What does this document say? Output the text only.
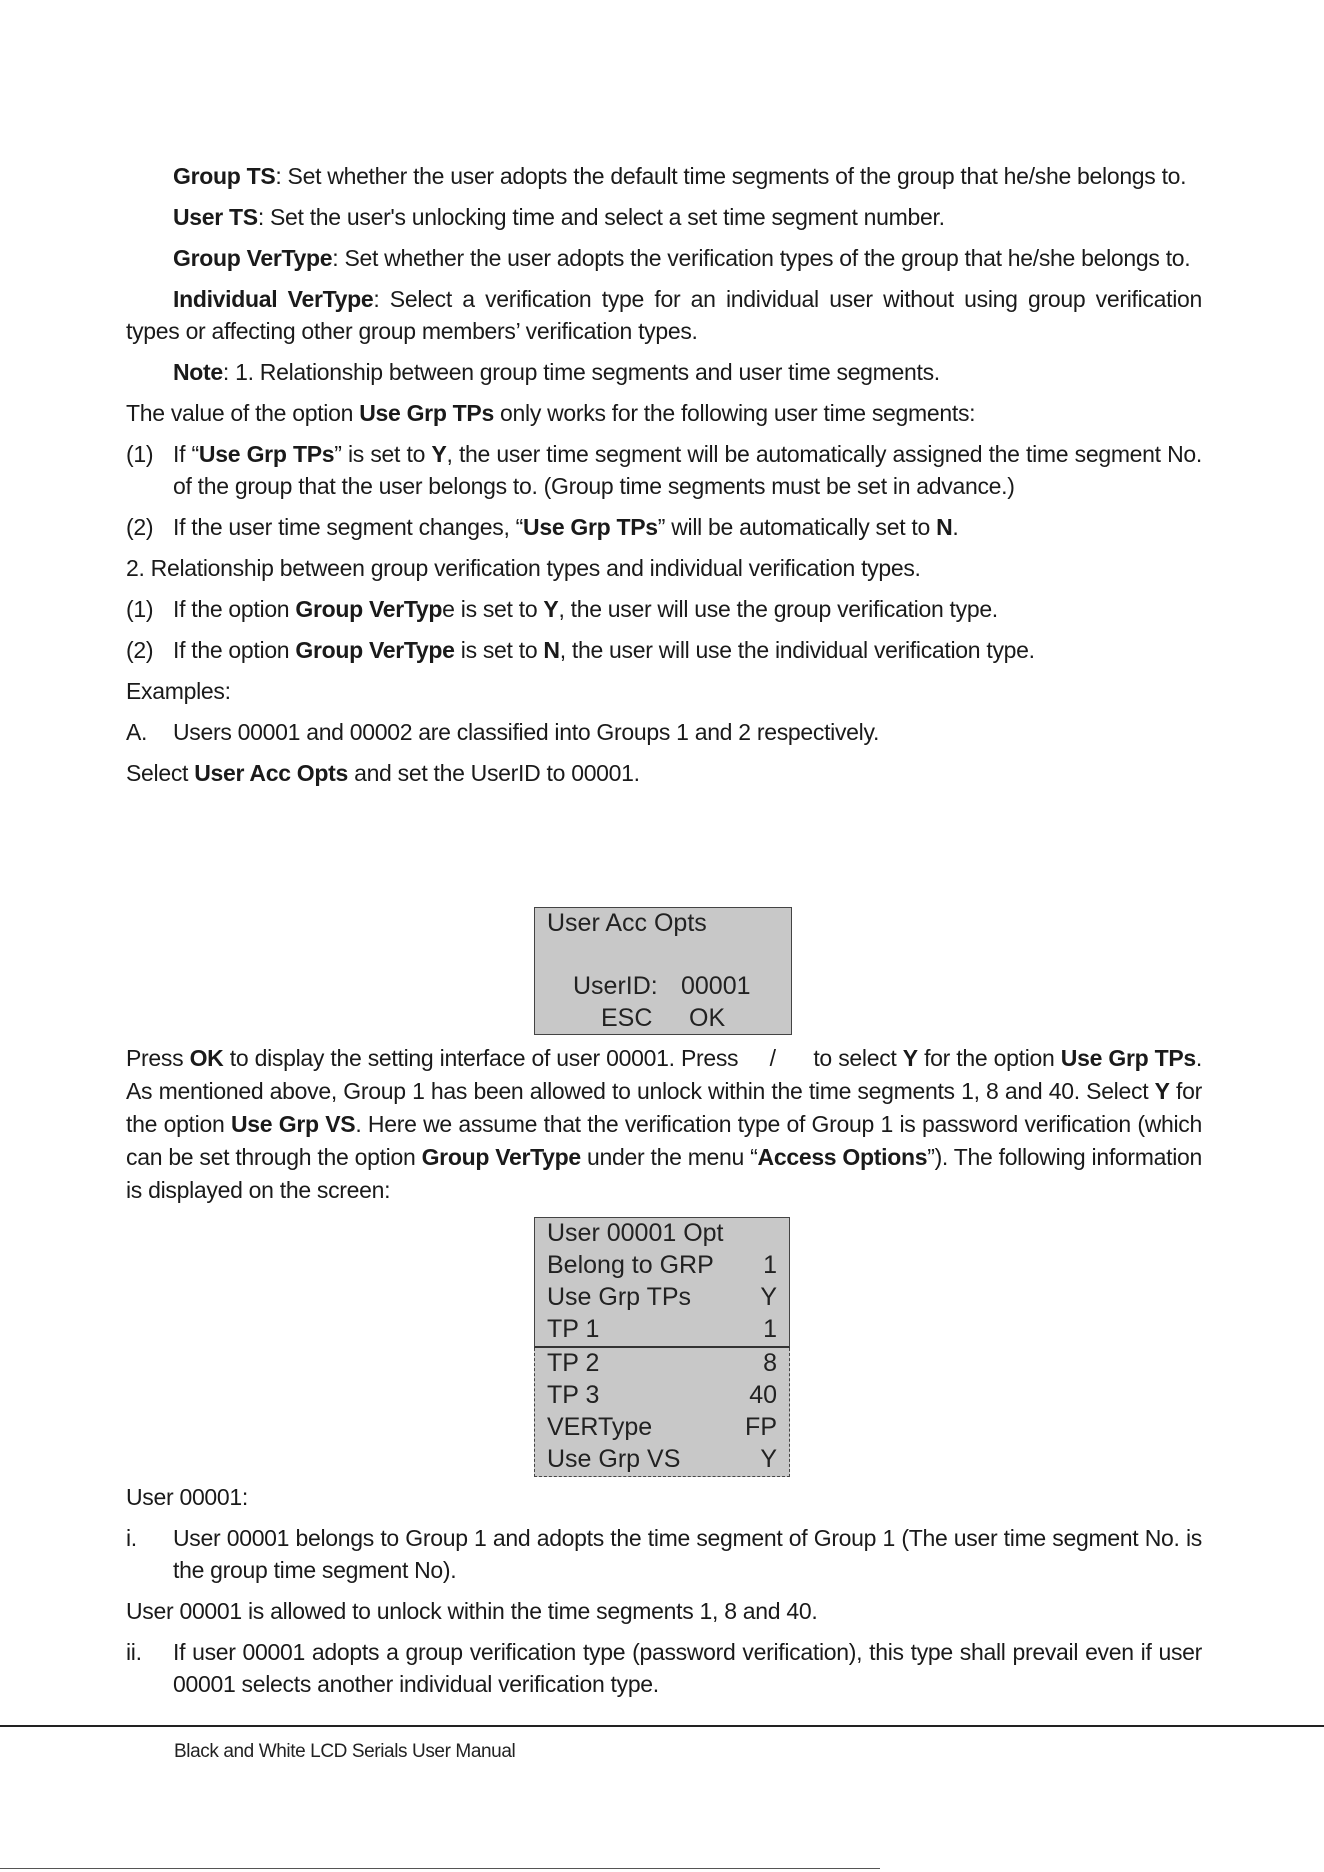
Group TS: Set whether the user adopts the default time segments of the group that he/she belongs to.

User TS: Set the user's unlocking time and select a set time segment number.

Group VerType: Set whether the user adopts the verification types of the group that he/she belongs to.

Individual VerType: Select a verification type for an individual user without using group verification types or affecting other group members’ verification types.

Note: 1. Relationship between group time segments and user time segments.

The value of the option Use Grp TPs only works for the following user time segments:

(1) If “Use Grp TPs” is set to Y, the user time segment will be automatically assigned the time segment No. of the group that the user belongs to. (Group time segments must be set in advance.)

(2) If the user time segment changes, “Use Grp TPs” will be automatically set to N.

2. Relationship between group verification types and individual verification types.

(1) If the option Group VerType is set to Y, the user will use the group verification type.

(2) If the option Group VerType is set to N, the user will use the individual verification type.

Examples:

A. Users 00001 and 00002 are classified into Groups 1 and 2 respectively.

Select User Acc Opts and set the UserID to 00001.

User Acc Opts
UserID: 00001
ESC OK

Press OK to display the setting interface of user 00001. Press     /      to select Y for the option Use Grp TPs. As mentioned above, Group 1 has been allowed to unlock within the time segments 1, 8 and 40. Select Y for the option Use Grp VS. Here we assume that the verification type of Group 1 is password verification (which can be set through the option Group VerType under the menu “Access Options”). The following information is displayed on the screen:

User 00001 Opt
Belong to GRP 1
Use Grp TPs	Y
TP 1	1
TP 2	8
TP 3	40
VERType	FP
Use Grp VS	Y

User 00001:

i. User 00001 belongs to Group 1 and adopts the time segment of Group 1 (The user time segment No. is the group time segment No).

User 00001 is allowed to unlock within the time segments 1, 8 and 40.

ii. If user 00001 adopts a group verification type (password verification), this type shall prevail even if user 00001 selects another individual verification type.

Black and White LCD Serials User Manual
